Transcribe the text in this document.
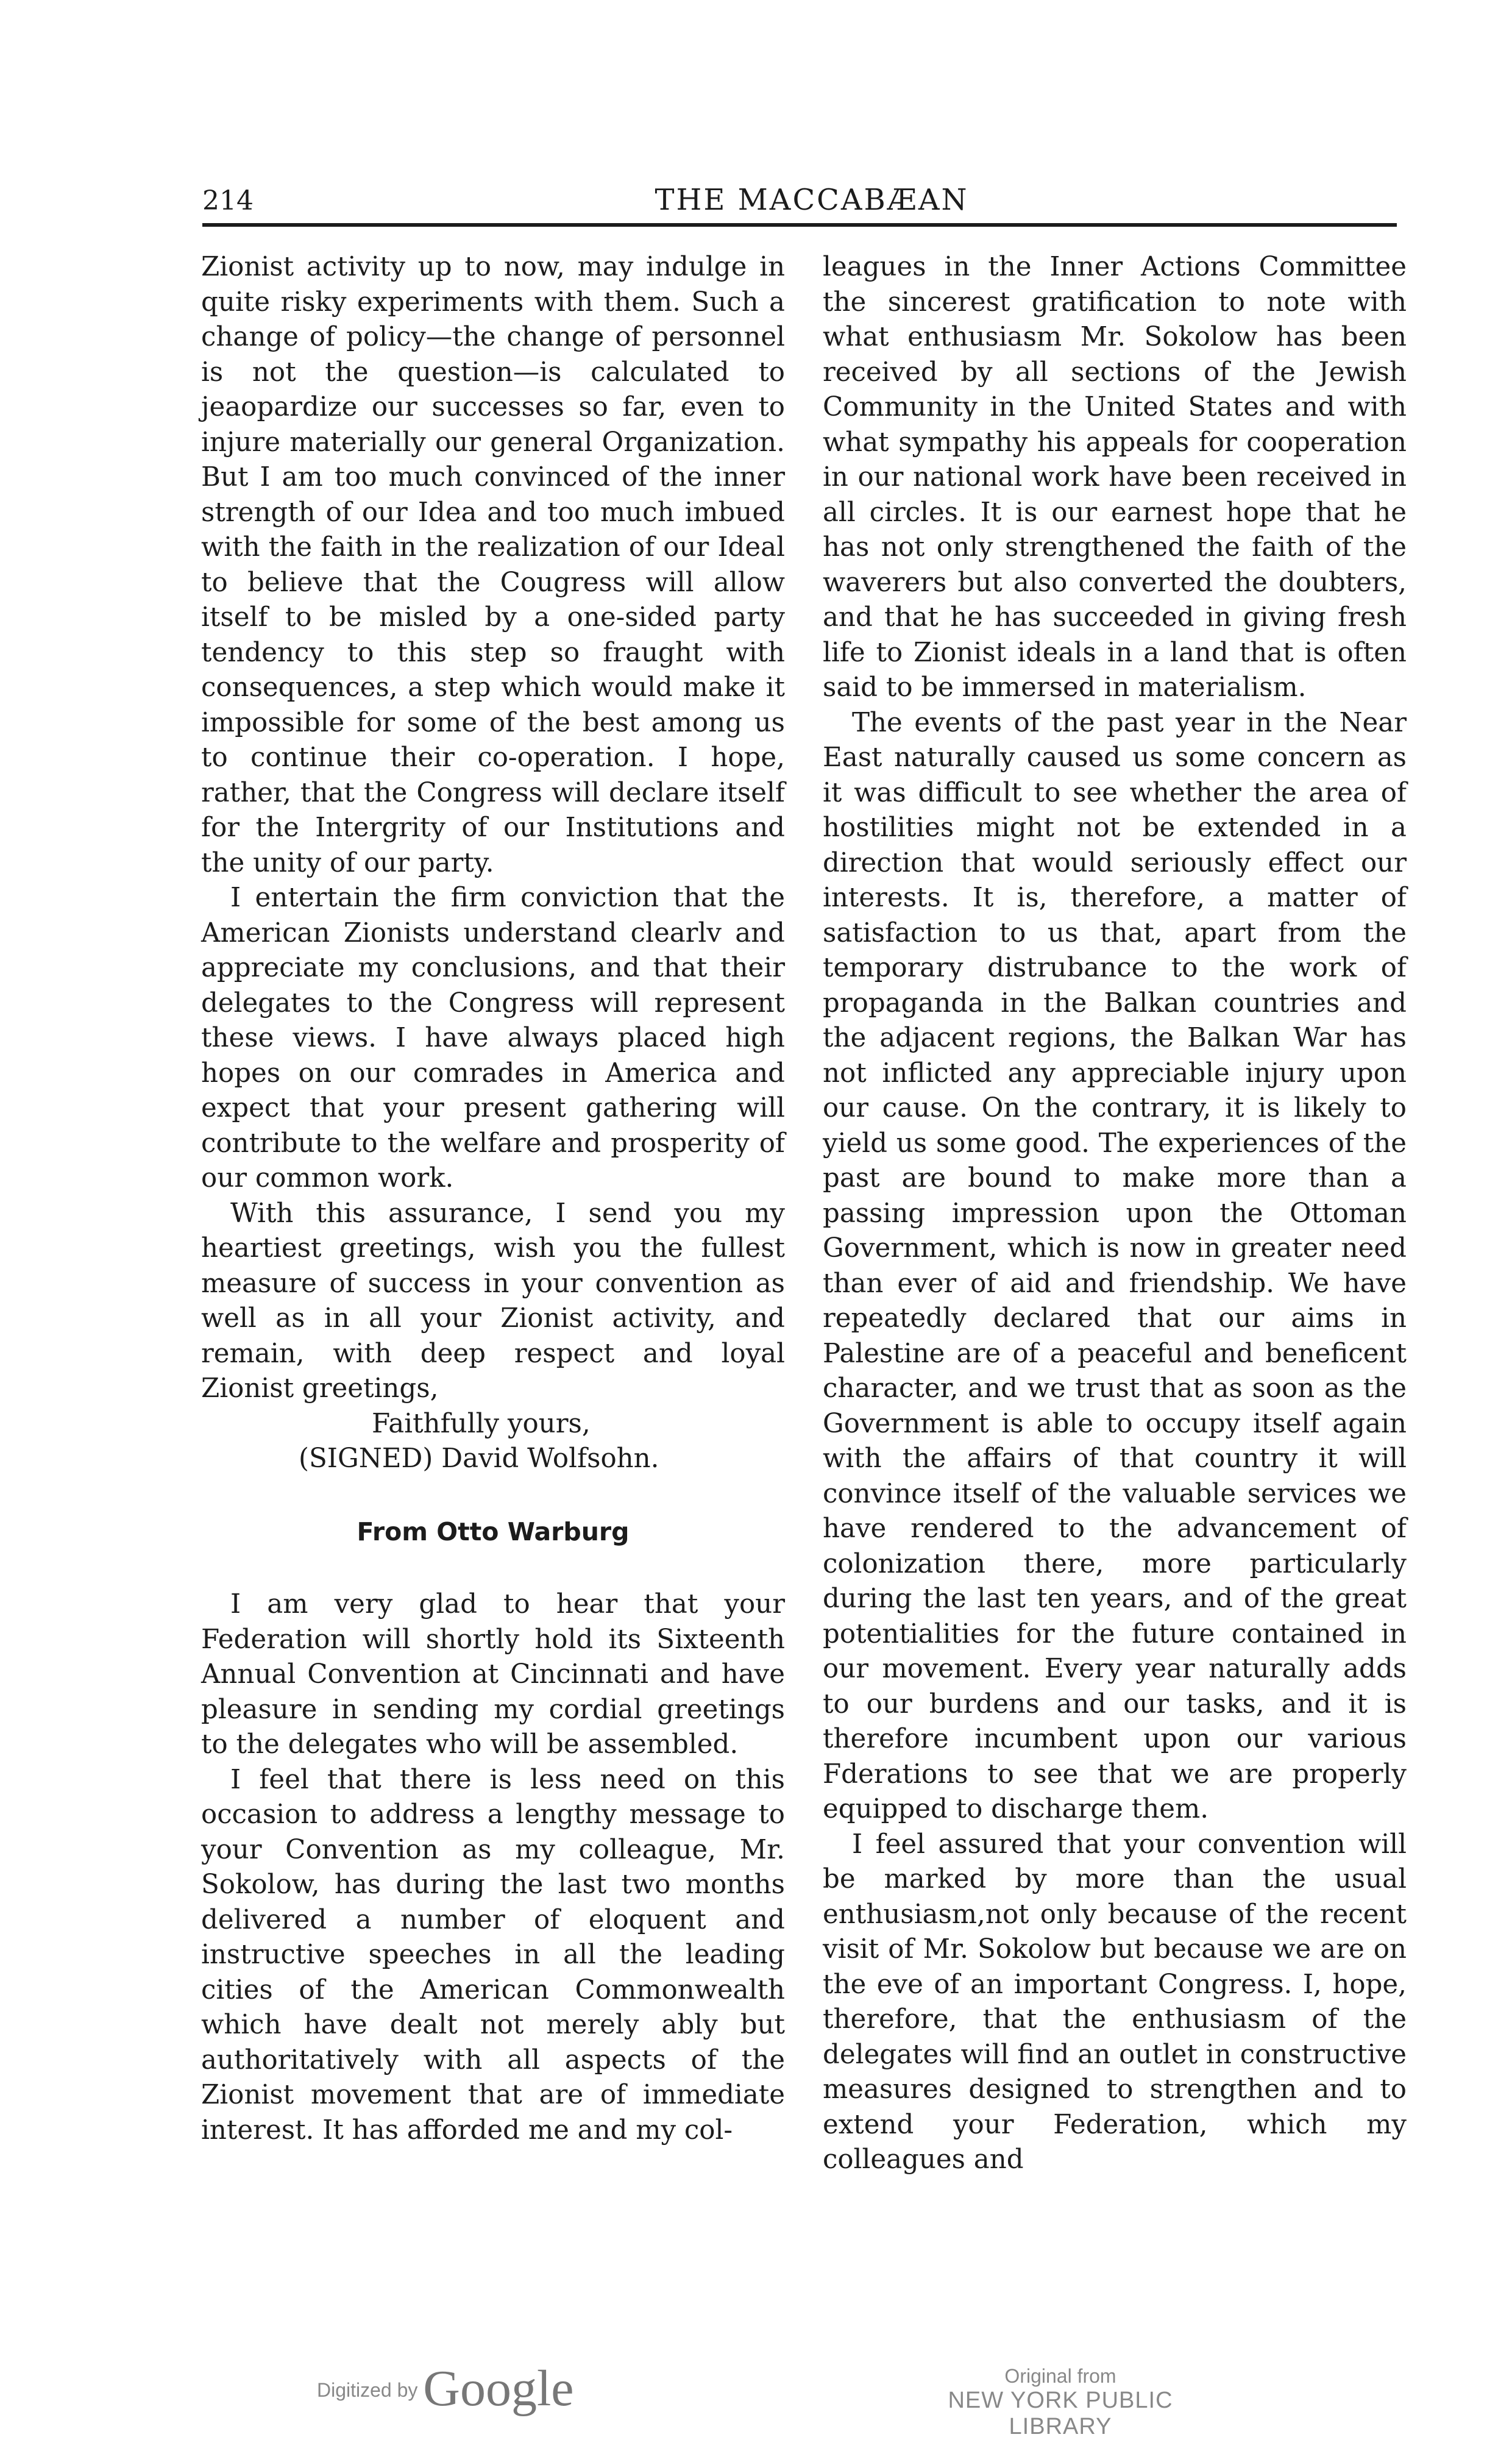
214	THE MACCABÆAN

Zionist activity up to now, may indulge in quite risky experiments with them. Such a change of policy—the change of personnel is not the question—is calculated to jeaopardize our successes so far, even to injure materially our general Organization. But I am too much convinced of the inner strength of our Idea and too much imbued with the faith in the realization of our Ideal to believe that the Cougress will allow itself to be misled by a one-sided party tendency to this step so fraught with consequences, a step which would make it impossible for some of the best among us to continue their co-operation. I hope, rather, that the Congress will declare itself for the Intergrity of our Institutions and the unity of our party.

I entertain the firm conviction that the American Zionists understand clearlv and appreciate my conclusions, and that their delegates to the Congress will represent these views. I have always placed high hopes on our comrades in America and expect that your present gathering will contribute to the welfare and prosperity of our common work.

With this assurance, I send you my heartiest greetings, wish you the fullest measure of success in your convention as well as in all your Zionist activity, and remain, with deep respect and loyal Zionist greetings,

Faithfully yours,

(SIGNED) David Wolfsohn.

From Otto Warburg

I am very glad to hear that your Federation will shortly hold its Sixteenth Annual Convention at Cincinnati and have pleasure in sending my cordial greetings to the delegates who will be assembled.

I feel that there is less need on this occasion to address a lengthy message to your Convention as my colleague, Mr. Sokolow, has during the last two months delivered a number of eloquent and instructive speeches in all the leading cities of the American Commonwealth which have dealt not merely ably but authoritatively with all aspects of the Zionist movement that are of immediate interest. It has afforded me and my col-

leagues in the Inner Actions Committee the sincerest gratification to note with what enthusiasm Mr. Sokolow has been received by all sections of the Jewish Community in the United States and with what sympathy his appeals for cooperation in our national work have been received in all circles. It is our earnest hope that he has not only strengthened the faith of the waverers but also converted the doubters, and that he has succeeded in giving fresh life to Zionist ideals in a land that is often said to be immersed in materialism.

The events of the past year in the Near East naturally caused us some concern as it was difficult to see whether the area of hostilities might not be extended in a direction that would seriously effect our interests. It is, therefore, a matter of satisfaction to us that, apart from the temporary distrubance to the work of propaganda in the Balkan countries and the adjacent regions, the Balkan War has not inflicted any appreciable injury upon our cause. On the contrary, it is likely to yield us some good. The experiences of the past are bound to make more than a passing impression upon the Ottoman Government, which is now in greater need than ever of aid and friendship. We have repeatedly declared that our aims in Palestine are of a peaceful and beneficent character, and we trust that as soon as the Government is able to occupy itself again with the affairs of that country it will convince itself of the valuable services we have rendered to the advancement of colonization there, more particularly during the last ten years, and of the great potentialities for the future contained in our movement. Every year naturally adds to our burdens and our tasks, and it is therefore incumbent upon our various Fderations to see that we are properly equipped to discharge them.

I feel assured that your convention will be marked by more than the usual enthusiasm,not only because of the recent visit of Mr. Sokolow but because we are on the eve of an important Congress. I, hope, therefore, that the enthusiasm of the delegates will find an outlet in constructive measures designed to strengthen and to extend your Federation, which my colleagues and

Digitized by Google	Original from
NEW YORK PUBLIC LIBRARY
